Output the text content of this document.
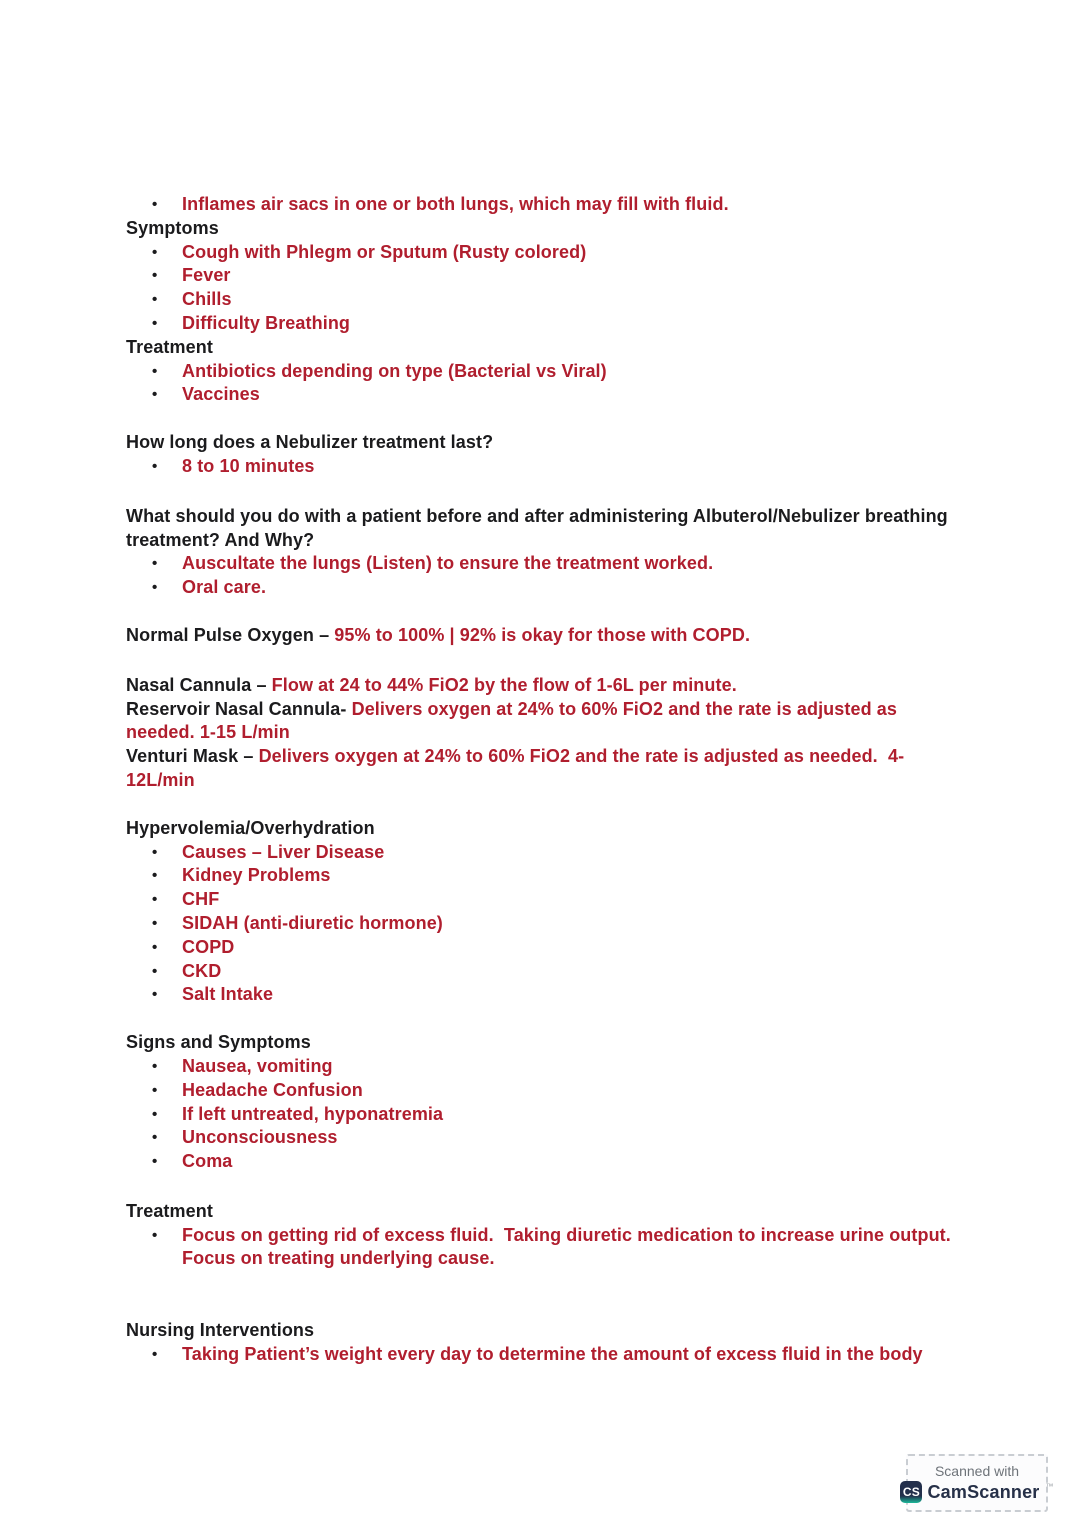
•	Inflames air sacs in one or both lungs, which may fill with fluid.
Symptoms
•	Cough with Phlegm or Sputum (Rusty colored)
•	Fever
•	Chills
•	Difficulty Breathing
Treatment
•	Antibiotics depending on type (Bacterial vs Viral)
•	Vaccines
How long does a Nebulizer treatment last?
•	8 to 10 minutes
What should you do with a patient before and after administering Albuterol/Nebulizer breathing treatment? And Why?
•	Auscultate the lungs (Listen) to ensure the treatment worked.
•	Oral care.
Normal Pulse Oxygen – 95% to 100% | 92% is okay for those with COPD.
Nasal Cannula – Flow at 24 to 44% FiO2 by the flow of 1-6L per minute.
Reservoir Nasal Cannula- Delivers oxygen at 24% to 60% FiO2 and the rate is adjusted as needed. 1-15 L/min
Venturi Mask – Delivers oxygen at 24% to 60% FiO2 and the rate is adjusted as needed.  4-12L/min
Hypervolemia/Overhydration
•	Causes – Liver Disease
•	Kidney Problems
•	CHF
•	SIDAH (anti-diuretic hormone)
•	COPD
•	CKD
•	Salt Intake
Signs and Symptoms
•	Nausea, vomiting
•	Headache Confusion
•	If left untreated, hyponatremia
•	Unconsciousness
•	Coma
Treatment
•	Focus on getting rid of excess fluid.  Taking diuretic medication to increase urine output.  Focus on treating underlying cause.
Nursing Interventions
•	Taking Patient’s weight every day to determine the amount of excess fluid in the body
Scanned with
CS CamScanner ™
